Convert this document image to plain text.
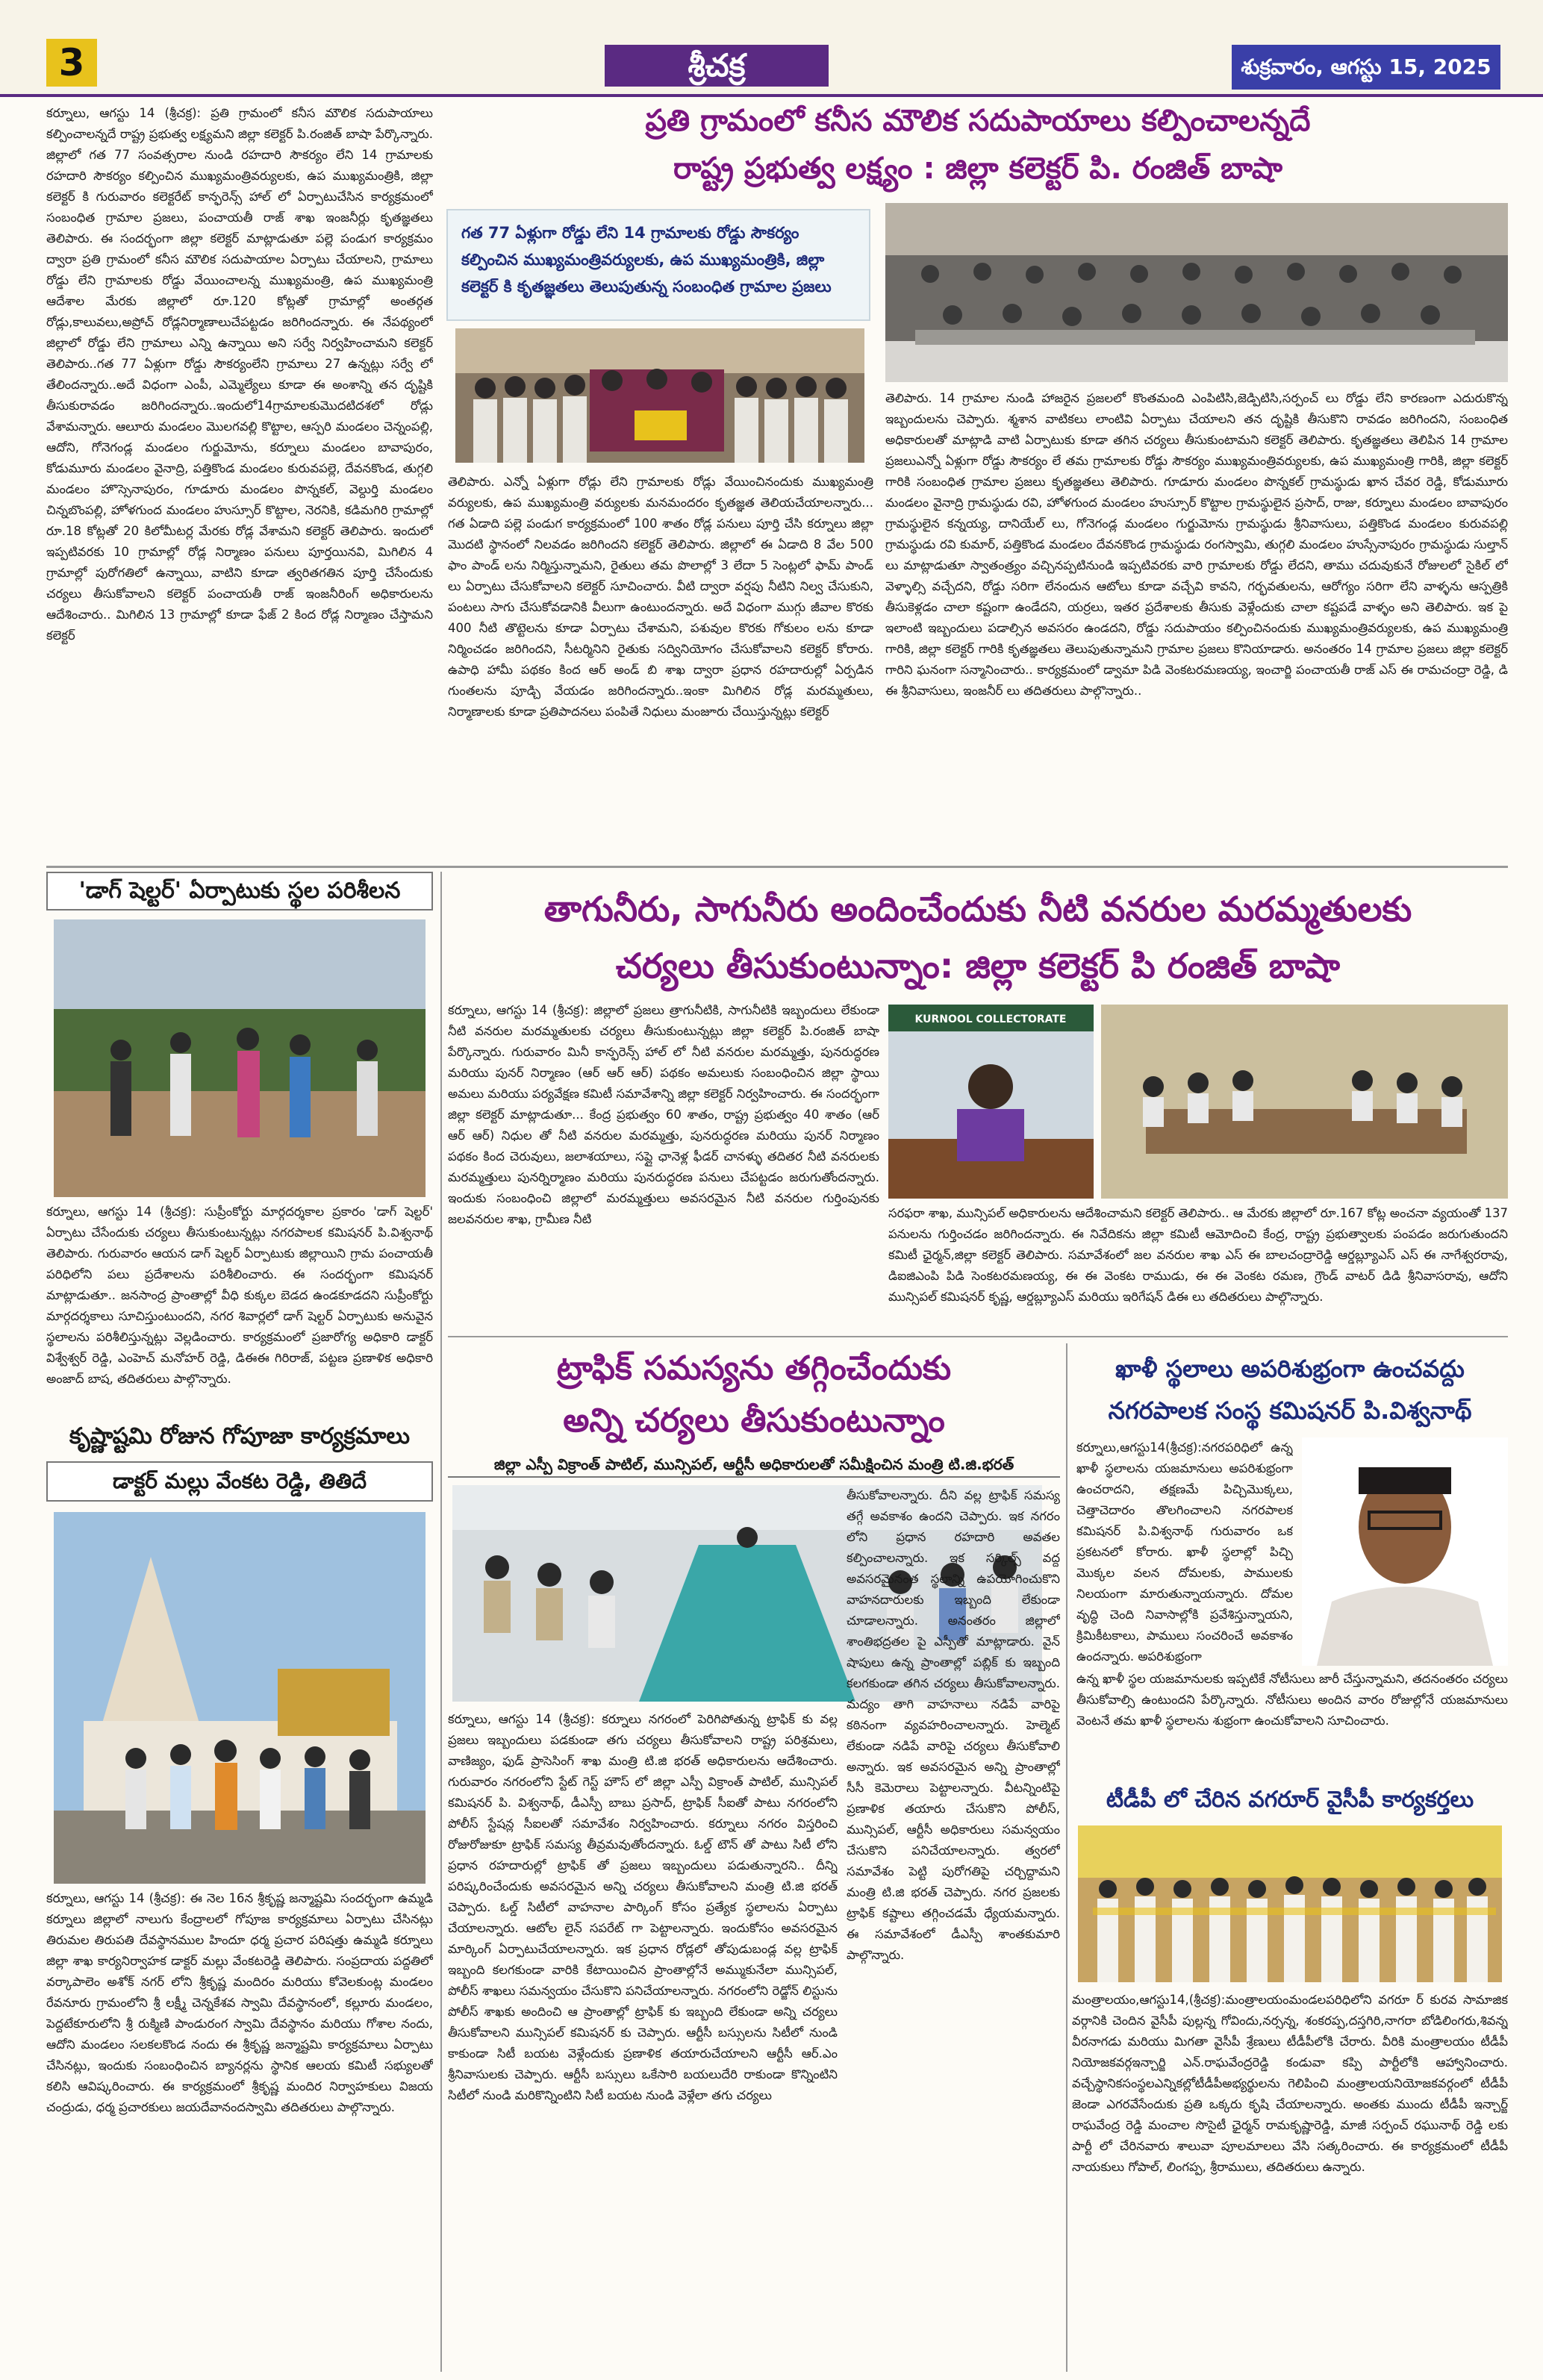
3	శ్రీచక్ర	శుక్రవారం, ఆగస్టు 15, 2025
కర్నూలు, ఆగస్టు 14 (శ్రీచక్ర): ప్రతి గ్రామంలో కనీస మౌలిక సదుపాయాలు కల్పించాలన్నదే రాష్ట్ర ప్రభుత్వ లక్ష్యమని జిల్లా కలెక్టర్ పి.రంజిత్ బాషా పేర్కొన్నారు. జిల్లాలో గత 77 సంవత్సరాల నుండి రహదారి సౌకర్యం లేని 14 గ్రామాలకు రహదారి సౌకర్యం కల్పించిన ముఖ్యమంత్రివర్యులకు, ఉప ముఖ్యమంత్రికి, జిల్లా కలెక్టర్ కి గురువారం కలెక్టరేట్ కాన్ఫరెన్స్ హాల్ లో ఏర్పాటుచేసిన కార్యక్రమంలో సంబంధిత గ్రామాల ప్రజలు, పంచాయతీ రాజ్ శాఖ ఇంజనీర్లు కృతజ్ఞతలు తెలిపారు. ఈ సందర్భంగా జిల్లా కలెక్టర్ మాట్లాడుతూ పల్లె పండుగ కార్యక్రమం ద్వారా ప్రతి గ్రామంలో కనీస మౌలిక సదుపాయాల ఏర్పాటు చేయాలని, గ్రామాలు రోడ్డు లేని గ్రామాలకు రోడ్డు వేయించాలన్న ముఖ్యమంత్రి, ఉప ముఖ్యమంత్రి ఆదేశాల మేరకు జిల్లాలో రూ.120 కోట్లతో గ్రామాల్లో అంతర్గత రోడ్లు,కాలువలు,అప్రోచ్ రోడ్లనిర్మాణాలుచేపట్టడం జరిగిందన్నారు. ఈ నేపథ్యంలో జిల్లాలో రోడ్డు లేని గ్రామాలు ఎన్ని ఉన్నాయి అని సర్వే నిర్వహించామని కలెక్టర్ తెలిపారు..గత 77 ఏళ్లుగా రోడ్డు సౌకర్యంలేని గ్రామాలు 27 ఉన్నట్లు సర్వే లో తేలిందన్నారు..అదే విధంగా ఎంపీ, ఎమ్మెల్యేలు కూడా ఈ అంశాన్ని తన దృష్టికి తీసుకురావడం జరిగిందన్నారు..ఇందులో14గ్రామాలకుమొదటిదశలో రోడ్లు వేశామన్నారు. ఆలూరు మండలం మొలగవల్లి కొట్టాల, ఆస్పరి మండలం చెన్నంపల్లి, ఆదోని, గోనెగండ్ల మండలం గుర్జుమోను, కర్నూలు మండలం బావాపురం, కోడుమూరు మండలం వైనాద్రి, పత్తికొండ మండలం కురువపల్లె, దేవనకొండ, తుగ్గలి మండలం హొస్సెనాపురం, గూడూరు మండలం పొన్నకల్, వెల్దుర్తి మండలం చిన్నబొంపల్లి, హోళగుంద మండలం హుస్సూర్ కొట్టాల, నెరనికి, కడిమగిరి గ్రామాల్లో రూ.18 కోట్లతో 20 కిలోమీటర్ల మేరకు రోడ్ల వేశామని కలెక్టర్ తెలిపారు. ఇందులో ఇప్పటివరకు 10 గ్రామాల్లో రోడ్ల నిర్మాణం పనులు పూర్తయినవి, మిగిలిన 4 గ్రామాల్లో పురోగతిలో ఉన్నాయి, వాటిని కూడా త్వరితగతిన పూర్తి చేసేందుకు చర్యలు తీసుకోవాలని కలెక్టర్ పంచాయతీ రాజ్ ఇంజనీరింగ్ అధికారులను ఆదేశించారు.. మిగిలిన 13 గ్రామాల్లో కూడా ఫేజ్ 2 కింద రోడ్ల నిర్మాణం చేస్తామని కలెక్టర్
ప్రతి గ్రామంలో కనీస మౌలిక సదుపాయాలు కల్పించాలన్నదే
రాష్ట్ర ప్రభుత్వ లక్ష్యం : జిల్లా కలెక్టర్ పి. రంజిత్ బాషా
గత 77 ఏళ్లుగా రోడ్డు లేని 14 గ్రామాలకు రోడ్డు సౌకర్యం కల్పించిన ముఖ్యమంత్రివర్యులకు, ఉప ముఖ్యమంత్రికి, జిల్లా కలెక్టర్ కి కృతజ్ఞతలు తెలుపుతున్న సంబంధిత గ్రామాల ప్రజలు
తెలిపారు. ఎన్నో ఏళ్లుగా రోడ్లు లేని గ్రామాలకు రోడ్లు వేయించినందుకు ముఖ్యమంత్రి వర్యులకు, ఉప ముఖ్యమంత్రి వర్యులకు మనమందరం కృతజ్ఞత తెలియచేయాలన్నారు... గత ఏడాది పల్లె పండుగ కార్యక్రమంలో 100 శాతం రోడ్ల పనులు పూర్తి చేసి కర్నూలు జిల్లా మొదటి స్థానంలో నిలవడం జరిగిందని కలెక్టర్ తెలిపారు. జిల్లాలో ఈ ఏడాది 8 వేల 500 ఫాం పాండ్ లను నిర్మిస్తున్నామని, రైతులు తమ పొలాల్లో 3 లేదా 5 సెంట్లలో ఫామ్ పాండ్ లు ఏర్పాటు చేసుకోవాలని కలెక్టర్ సూచించారు. వీటి ద్వారా వర్షపు నీటిని నిల్వ చేసుకుని, పంటలు సాగు చేసుకోవడానికి వీలుగా ఉంటుందన్నారు. అదే విధంగా ముగ్గు జీవాల కొరకు 400 నీటి తొట్టెలను కూడా ఏర్పాటు చేశామని, పశువుల కొరకు గోకులం లను కూడా నిర్మించడం జరిగిందని, సీటర్మినిని రైతుకు సద్వినియోగం చేసుకోవాలని కలెక్టర్ కోరారు. ఉపాధి హామీ పథకం కింద ఆర్ అండ్ బి శాఖ ద్వారా ప్రధాన రహదారుల్లో ఏర్పడిన గుంతలను పూడ్చి వేయడం జరిగిందన్నారు..ఇంకా మిగిలిన రోడ్ల మరమ్మతులు, నిర్మాణాలకు కూడా ప్రతిపాదనలు పంపితే నిధులు మంజూరు చేయిస్తున్నట్లు కలెక్టర్
తెలిపారు. 14 గ్రామాల నుండి హాజరైన ప్రజలలో కొంతమంది ఎంపిటిసి,జెడ్పిటిసి,సర్పంచ్ లు రోడ్డు లేని కారణంగా ఎదురుకొన్న ఇబ్బందులను చెప్పారు. శ్మశాన వాటికలు లాంటివి ఏర్పాటు చేయాలని తన దృష్టికి తీసుకొని రావడం జరిగిందని, సంబంధిత అధికారులతో మాట్లాడి వాటి ఏర్పాటుకు కూడా తగిన చర్యలు తీసుకుంటామని కలెక్టర్ తెలిపారు. కృతజ్ఞతలు తెలిపిన 14 గ్రామాల ప్రజలుఎన్నో ఏళ్లుగా రోడ్డు సౌకర్యం లే తమ గ్రామాలకు రోడ్డు సౌకర్యం ముఖ్యమంత్రివర్యులకు, ఉప ముఖ్యమంత్రి గారికి, జిల్లా కలెక్టర్ గారికి సంబంధిత గ్రామాల ప్రజలు కృతజ్ఞతలు తెలిపారు. గూడూరు మండలం పొన్నకల్ గ్రామస్థుడు ఖాన చేవర రెడ్డి, కోడుమూరు మండలం వైనాద్రి గ్రామస్థుడు రవి, హోళగుంద మండలం హుస్సూర్ కొట్టాల గ్రామస్థులైన ప్రసాద్, రాజు, కర్నూలు మండలం బావాపురం గ్రామస్థులైన కన్నయ్య, దానియేల్ లు, గోనెగండ్ల మండలం గుర్జుమోను గ్రామస్థుడు శ్రీనివాసులు, పత్తికొండ మండలం కురువపల్లి గ్రామస్థుడు రవి కుమార్, పత్తికొండ మండలం దేవనకొండ గ్రామస్థుడు రంగస్వామి, తుగ్గలి మండలం హుస్సేనాపురం గ్రామస్థుడు సుల్తాన్ లు మాట్లాడుతూ స్వాతంత్ర్యం వచ్చినప్పటినుండి ఇప్పటివరకు వారి గ్రామాలకు రోడ్డు లేదని, తాము చదువుకునే రోజులలో సైకిల్ లో వెళ్ళాల్సి వచ్చేదని, రోడ్డు సరిగా లేనందున ఆటోలు కూడా వచ్చేవి కావని, గర్భవతులను, ఆరోగ్యం సరిగా లేని వాళ్ళను ఆస్పత్రికి తీసుకెళ్లడం చాలా కష్టంగా ఉండేదని, యర్రలు, ఇతర ప్రదేశాలకు తీసుకు వెళ్లేందుకు చాలా కష్టపడే వాళ్ళం అని తెలిపారు. ఇక పై ఇలాంటి ఇబ్బందులు పడాల్సిన అవసరం ఉండదని, రోడ్డు సదుపాయం కల్పించినందుకు ముఖ్యమంత్రివర్యులకు, ఉప ముఖ్యమంత్రి గారికి, జిల్లా కలెక్టర్ గారికి కృతజ్ఞతలు తెలుపుతున్నామని గ్రామాల ప్రజలు కొనియాడారు. అనంతరం 14 గ్రామాల ప్రజలు జిల్లా కలెక్టర్ గారిని ఘనంగా సన్మానించారు.. కార్యక్రమంలో డ్వామా పిడి వెంకటరమణయ్య, ఇంచార్జి పంచాయతీ రాజ్ ఎస్ ఈ రామచంద్రా రెడ్డి, డి ఈ శ్రీనివాసులు, ఇంజనీర్ లు తదితరులు పాల్గొన్నారు..
'డాగ్ షెల్టర్' ఏర్పాటుకు స్థల పరిశీలన
కర్నూలు, ఆగస్టు 14 (శ్రీచక్ర): సుప్రీంకోర్టు మార్గదర్శకాల ప్రకారం 'డాగ్ షెల్టర్' ఏర్పాటు చేసేందుకు చర్యలు తీసుకుంటున్నట్లు నగరపాలక కమిషనర్ పి.విశ్వనాథ్ తెలిపారు. గురువారం ఆయన డాగ్ షెల్టర్ ఏర్పాటుకు జిల్లాయిని గ్రామ పంచాయతీ పరిధిలోని పలు ప్రదేశాలను పరిశీలించారు. ఈ సందర్భంగా కమిషనర్ మాట్లాడుతూ.. జనసాంద్ర ప్రాంతాల్లో వీధి కుక్కల బెడద ఉండకూడదని సుప్రీంకోర్టు మార్గదర్శకాలు సూచిస్తుంటుందని, నగర శివార్లలో డాగ్ షెల్టర్ ఏర్పాటుకు అనువైన స్థలాలను పరిశీలిస్తున్నట్లు వెల్లడించారు. కార్యక్రమంలో ప్రజారోగ్య అధికారి డాక్టర్ విశ్వేశ్వర్ రెడ్డి, ఎంహెచ్ మనోహర్ రెడ్డి, డిఈఈ గిరిరాజ్, పట్టణ ప్రణాళిక అధికారి అంజాద్ బాష, తదితరులు పాల్గొన్నారు.
కృష్ణాష్టమి రోజున గోపూజా కార్యక్రమాలు
డాక్టర్ మల్లు వేంకట రెడ్డి, తితిదే
కర్నూలు, ఆగస్టు 14 (శ్రీచక్ర): ఈ నెల 16న శ్రీకృష్ణ జన్మాష్టమి సందర్భంగా ఉమ్మడి కర్నూలు జిల్లాలో నాలుగు కేంద్రాలలో గోపూజ కార్యక్రమాలు ఏర్పాటు చేసినట్లు తిరుమల తిరుపతి దేవస్థానముల హిందూ ధర్మ ప్రచార పరిషత్తు ఉమ్మడి కర్నూలు జిల్లా శాఖ కార్యనిర్వాహక డాక్టర్ మల్లు వేంకటరెడ్డి తెలిపారు. సంప్రదాయ పద్దతిలో వర్కాపాలెం అశోక్ నగర్ లోని శ్రీకృష్ణ మందిరం మరియు కోవెలకుంట్ల మండలం రేవనూరు గ్రామంలోని శ్రీ లక్ష్మీ చెన్నకేశవ స్వామి దేవస్థానంలో, కల్లూరు మండలం, పెద్దటేకూరులోని శ్రీ రుక్మిణి పాండురంగ స్వామి దేవస్థానం మరియు గోశాల నందు, ఆదోని మండలం సలకలకొండ నందు ఈ శ్రీకృష్ణ జన్మాష్టమి కార్యక్రమాలు ఏర్పాటు చేసినట్లు, ఇందుకు సంబంధించిన బ్యానర్లను స్థానిక ఆలయ కమిటీ సభ్యులతో కలిసి ఆవిష్కరించారు. ఈ కార్యక్రమంలో శ్రీకృష్ణ మందిర నిర్వాహకులు విజయ చంద్రుడు, ధర్మ ప్రచారకులు జయదేవానందస్వామి తదితరులు పాల్గొన్నారు.
తాగునీరు, సాగునీరు అందించేందుకు నీటి వనరుల మరమ్మతులకు
చర్యలు తీసుకుంటున్నాం: జిల్లా కలెక్టర్ పి రంజిత్ బాషా
కర్నూలు, ఆగస్టు 14 (శ్రీచక్ర): జిల్లాలో ప్రజలు త్రాగునీటికి, సాగునీటికి ఇబ్బందులు లేకుండా నీటి వనరుల మరమ్మతులకు చర్యలు తీసుకుంటున్నట్లు జిల్లా కలెక్టర్ పి.రంజిత్ బాషా పేర్కొన్నారు. గురువారం మినీ కాన్ఫరెన్స్ హాల్ లో నీటి వనరుల మరమ్మత్తు, పునరుద్ధరణ మరియు పునర్ నిర్మాణం (ఆర్ ఆర్ ఆర్) పథకం అమలుకు సంబంధించిన జిల్లా స్థాయి అమలు మరియు పర్యవేక్షణ కమిటీ సమావేశాన్ని జిల్లా కలెక్టర్ నిర్వహించారు. ఈ సందర్భంగా జిల్లా కలెక్టర్ మాట్లాడుతూ... కేంద్ర ప్రభుత్వం 60 శాతం, రాష్ట్ర ప్రభుత్వం 40 శాతం (ఆర్ ఆర్ ఆర్) నిధుల తో నీటి వనరుల మరమ్మత్తు, పునరుద్ధరణ మరియు పునర్ నిర్మాణం పథకం కింద చెరువులు, జలాశయాలు, సప్లై ఛానెళ్ల ఫీడర్ చానళ్ళు తదితర నీటి వనరులకు మరమ్మత్తులు పునర్నిర్మాణం మరియు పునరుద్ధరణ పనులు చేపట్టడం జరుగుతోందన్నారు. ఇందుకు సంబంధించి జిల్లాలో మరమ్మత్తులు అవసరమైన నీటి వనరుల గుర్తింపునకు జలవనరుల శాఖ, గ్రామీణ నీటి
KURNOOL COLLECTORATE
సరఫరా శాఖ, మున్సిపల్ అధికారులను ఆదేశించామని కలెక్టర్ తెలిపారు.. ఆ మేరకు జిల్లాలో రూ.167 కోట్ల అంచనా వ్యయంతో 137 పనులను గుర్తించడం జరిగిందన్నారు. ఈ నివేదికను జిల్లా కమిటీ ఆమోదించి కేంద్ర, రాష్ట్ర ప్రభుత్వాలకు పంపడం జరుగుతుందని కమిటీ ఛైర్మన్,జిల్లా కలెక్టర్ తెలిపారు. సమావేశంలో జల వనరుల శాఖ ఎస్ ఈ బాలచంద్రారెడ్డి ఆర్డబ్ల్యూఎస్ ఎస్ ఈ నాగేశ్వరరావు, డిఐజిఎంపి పిడి సెంకటరమణయ్య, ఈ ఈ వెంకట రాముడు, ఈ ఈ వెంకట రమణ, గ్రౌండ్ వాటర్ డిడి శ్రీనివాసరావు, ఆదోని మున్సిపల్ కమిషనర్ కృష్ణ, ఆర్డబ్ల్యూఎస్ మరియు ఇరిగేషన్ డిఈ లు తదితరులు పాల్గొన్నారు.
ట్రాఫిక్ సమస్యను తగ్గించేందుకు
అన్ని చర్యలు తీసుకుంటున్నాం
జిల్లా ఎస్పీ విక్రాంత్ పాటిల్, మున్సిపల్, ఆర్టీసీ అధికారులతో సమీక్షించిన మంత్రి టి.జి.భరత్
కర్నూలు, ఆగస్టు 14 (శ్రీచక్ర): కర్నూలు నగరంలో పెరిగిపోతున్న ట్రాఫిక్ కు వల్ల ప్రజలు ఇబ్బందులు పడకుండా తగు చర్యలు తీసుకోవాలని రాష్ట్ర పరిశ్రమలు, వాణిజ్యం, ఫుడ్ ప్రాసెసింగ్ శాఖ మంత్రి టి.జి భరత్ అధికారులను ఆదేశించారు. గురువారం నగరంలోని స్టేట్ గెస్ట్ హౌస్ లో జిల్లా ఎస్పీ విక్రాంత్ పాటిల్, మున్సిపల్ కమిషనర్ పి. విశ్వనాథ్, డీఎస్పీ బాబు ప్రసాద్, ట్రాఫిక్ సీఐతో పాటు నగరంలోని పోలీస్ స్టేషన్ల సీఐలతో సమావేశం నిర్వహించారు. కర్నూలు నగరం విస్తరించి రోజురోజుకూ ట్రాఫిక్ సమస్య తీవ్రమవుతోందన్నారు. ఓల్డ్ టౌన్ తో పాటు సిటీ లోని ప్రధాన రహదారుల్లో ట్రాఫిక్ తో ప్రజలు ఇబ్బందులు పడుతున్నారని.. దీన్ని పరిష్కరించేందుకు అవసరమైన అన్ని చర్యలు తీసుకోవాలని మంత్రి టి.జి భరత్ చెప్పారు. ఓల్డ్ సిటీలో వాహనాల పార్కింగ్ కోసం ప్రత్యేక స్థలాలను ఏర్పాటు చేయాలన్నారు. ఆటోల లైన్ సపరేట్ గా పెట్టాలన్నారు. ఇందుకోసం అవసరమైన మార్కింగ్ ఏర్పాటుచేయాలన్నారు. ఇక ప్రధాన రోడ్లలో తోపుడుబండ్ల వల్ల ట్రాఫిక్ ఇబ్బంది కలగకుండా వారికి కేటాయించిన ప్రాంతాల్లోనే అమ్ముకునేలా మున్సిపల్, పోలీస్ శాఖలు సమన్వయం చేసుకొని పనిచేయాలన్నారు. నగరంలోని రెడ్జోన్ లిస్టును పోలీస్ శాఖకు అందించి ఆ ప్రాంతాల్లో ట్రాఫిక్ కు ఇబ్బంది లేకుండా అన్ని చర్యలు తీసుకోవాలని మున్సిపల్ కమిషనర్ కు చెప్పారు. ఆర్టీసీ బస్సులను సిటీలో నుండి కాకుండా సిటీ బయట వెళ్లేందుకు ప్రణాళిక తయారుచేయాలని ఆర్టీసీ ఆర్.ఎం శ్రీనివాసులకు చెప్పారు. ఆర్టీసీ బస్సులు ఒకేసారి బయలుదేరి రాకుండా కొన్నింటిని సిటీలో నుండి మరికొన్నింటిని సిటీ బయట నుండి వెళ్లేలా తగు చర్యలు
తీసుకోవాలన్నారు. దీని వల్ల ట్రాఫిక్ సమస్య తగ్గే అవకాశం ఉందని చెప్పారు. ఇక నగరం లోని ప్రధాన రహదారి అవతల కల్పించాలన్నారు. ఇక సర్కిల్స్ వద్ద అవసరమైనంత స్థలాన్ని ఉపయోగించుకొని వాహనదారులకు ఇబ్బంది లేకుండా చూడాలన్నారు. అనంతరం జిల్లాలో శాంతిభద్రతల పై ఎస్పీతో మాట్లాడారు. వైన్ షాపులు ఉన్న ప్రాంతాల్లో పబ్లిక్ కు ఇబ్బంది కలగకుండా తగిన చర్యలు తీసుకోవాలన్నారు. మద్యం తాగి వాహనాలు నడిపే వారిపై కఠినంగా వ్యవహరించాలన్నారు. హెల్మెట్ లేకుండా నడిపే వారిపై చర్యలు తీసుకోవాలి అన్నారు. ఇక అవసరమైన అన్ని ప్రాంతాల్లో సీసీ కెమెరాలు పెట్టాలన్నారు. వీటన్నింటిపై ప్రణాళిక తయారు చేసుకొని పోలీస్, మున్సిపల్, ఆర్టీసీ అధికారులు సమన్వయం చేసుకొని పనిచేయాలన్నారు. త్వరలో సమావేశం పెట్టి పురోగతిపై చర్చిద్దామని మంత్రి టి.జి భరత్ చెప్పారు. నగర ప్రజలకు ట్రాఫిక్ కష్టాలు తగ్గించడమే ధ్యేయమన్నారు. ఈ సమావేశంలో డీఎస్పీ శాంతకుమారి పాల్గొన్నారు.
ఖాళీ స్థలాలు అపరిశుభ్రంగా ఉంచవద్దు
నగరపాలక సంస్థ కమిషనర్ పి.విశ్వనాథ్
కర్నూలు,ఆగస్టు14(శ్రీచక్ర):నగరపరిధిలో ఉన్న ఖాళీ స్థలాలను యజమానులు అపరిశుభ్రంగా ఉంచరాదని, తక్షణమే పిచ్చిమొక్కలు, చెత్తాచెదారం తొలగించాలని నగరపాలక కమిషనర్ పి.విశ్వనాథ్ గురువారం ఒక ప్రకటనలో కోరారు. ఖాళీ స్థలాల్లో పిచ్చి మొక్కల వలన దోమలకు, పాములకు నిలయంగా మారుతున్నాయన్నారు. దోమల వృద్ధి చెంది నివాసాల్లోకి ప్రవేశిస్తున్నాయని, క్రిమికీటకాలు, పాములు సంచరించే అవకాశం ఉందన్నారు. అపరిశుభ్రంగా
ఉన్న ఖాళీ స్థల యజమానులకు ఇప్పటికే నోటీసులు జారీ చేస్తున్నామని, తదనంతరం చర్యలు తీసుకోవాల్సి ఉంటుందని పేర్కొన్నారు. నోటీసులు అందిన వారం రోజుల్లోనే యజమానులు వెంటనే తమ ఖాళీ స్థలాలను శుభ్రంగా ఉంచుకోవాలని సూచించారు.
టీడీపీ లో చేరిన వగరూర్ వైసీపీ కార్యకర్తలు
మంత్రాలయం,ఆగస్టు14,(శ్రీచక్ర):మంత్రాలయంమండలపరిధిలోని వగరూ ర్ కురవ సామాజిక వర్గానికి చెందిన వైసీపీ పుల్లన్న గోవిందు,నర్సన్న, శంకరప్ప,దస్తగిరి,నాగరా బోడిలింగరు,శివన్న వీరనాగడు మరియు మిగతా వైసీపీ శ్రేణులు టీడీపీలోకి చేరారు. వీరికి మంత్రాలయం టీడీపీ నియోజకవర్గఇన్చార్జి ఎన్.రాఘవేంద్రరెడ్డి కండువా కప్పి పార్టీలోకి ఆహ్వానించారు. వచ్చేస్థానికసంస్థలఎన్నికల్లోటీడీపీఅభ్యర్థులను గెలిపించి మంత్రాలయనియోజకవర్గంలో టీడీపీ జెండా ఎగరవేసేందుకు ప్రతి ఒక్కరు కృషి చేయాలన్నారు. అంతకు ముందు టీడీపీ ఇన్చార్జ్ రాఘవేంద్ర రెడ్డి మంచాల సొసైటీ ఛైర్మన్ రామకృష్ణారెడ్డి, మాజీ సర్పంచ్ రఘునాథ్ రెడ్డి లకు పార్టీ లో చేరినవారు శాలువా పూలమాలలు వేసి సత్కరించారు. ఈ కార్యక్రమంలో టీడీపీ నాయకులు గోపాల్, లింగప్ప, శ్రీరాములు, తదితరులు ఉన్నారు.
